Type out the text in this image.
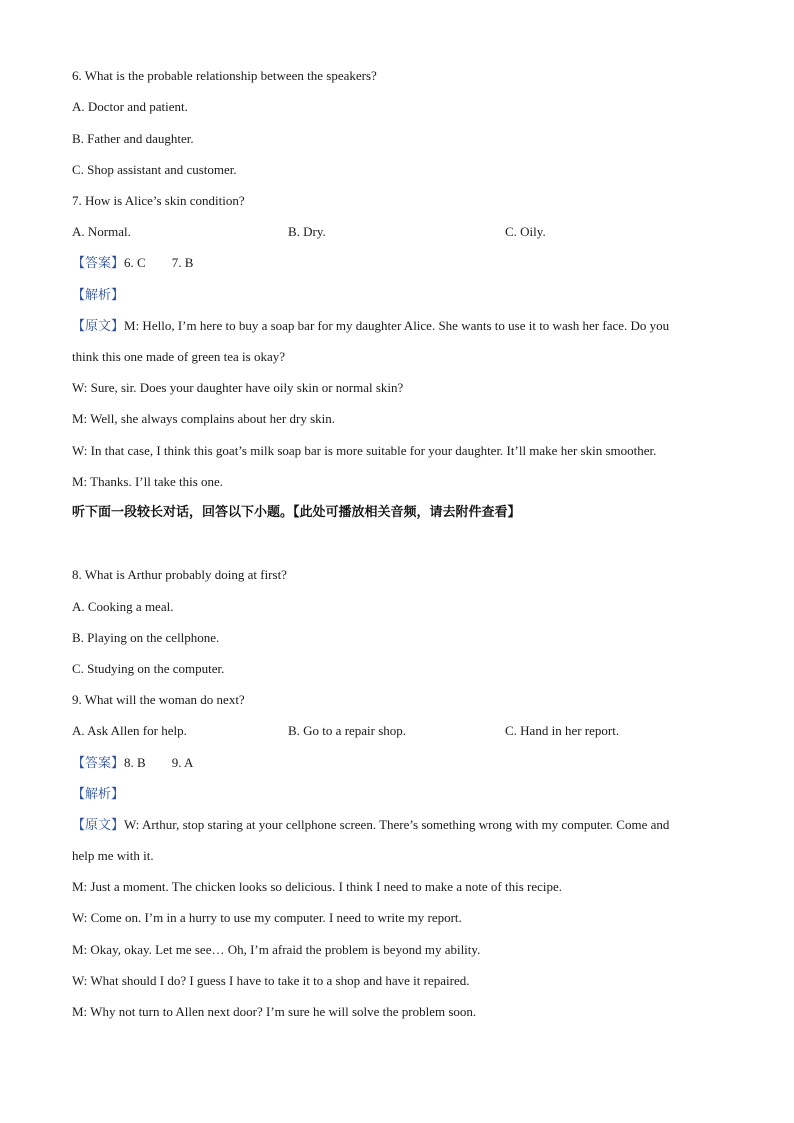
6. What is the probable relationship between the speakers?
A. Doctor and patient.
B. Father and daughter.
C. Shop assistant and customer.
7. How is Alice’s skin condition?
A. Normal.	B. Dry.	C. Oily.
【答案】6. C 7. B
【解析】
【原文】M: Hello, I’m here to buy a soap bar for my daughter Alice. She wants to use it to wash her face. Do you
think this one made of green tea is okay?
W: Sure, sir. Does your daughter have oily skin or normal skin?
M: Well, she always complains about her dry skin.
W: In that case, I think this goat’s milk soap bar is more suitable for your daughter. It’ll make her skin smoother.
M: Thanks. I’ll take this one.
听下面一段较长对话，回答以下小题。【此处可播放相关音频，请去附件查看】
8. What is Arthur probably doing at first?
A. Cooking a meal.
B. Playing on the cellphone.
C. Studying on the computer.
9. What will the woman do next?
A. Ask Allen for help.	B. Go to a repair shop.	C. Hand in her report.
【答案】8. B 9. A
【解析】
【原文】W: Arthur, stop staring at your cellphone screen. There’s something wrong with my computer. Come and
help me with it.
M: Just a moment. The chicken looks so delicious. I think I need to make a note of this recipe.
W: Come on. I’m in a hurry to use my computer. I need to write my report.
M: Okay, okay. Let me see… Oh, I’m afraid the problem is beyond my ability.
W: What should I do? I guess I have to take it to a shop and have it repaired.
M: Why not turn to Allen next door? I’m sure he will solve the problem soon.
